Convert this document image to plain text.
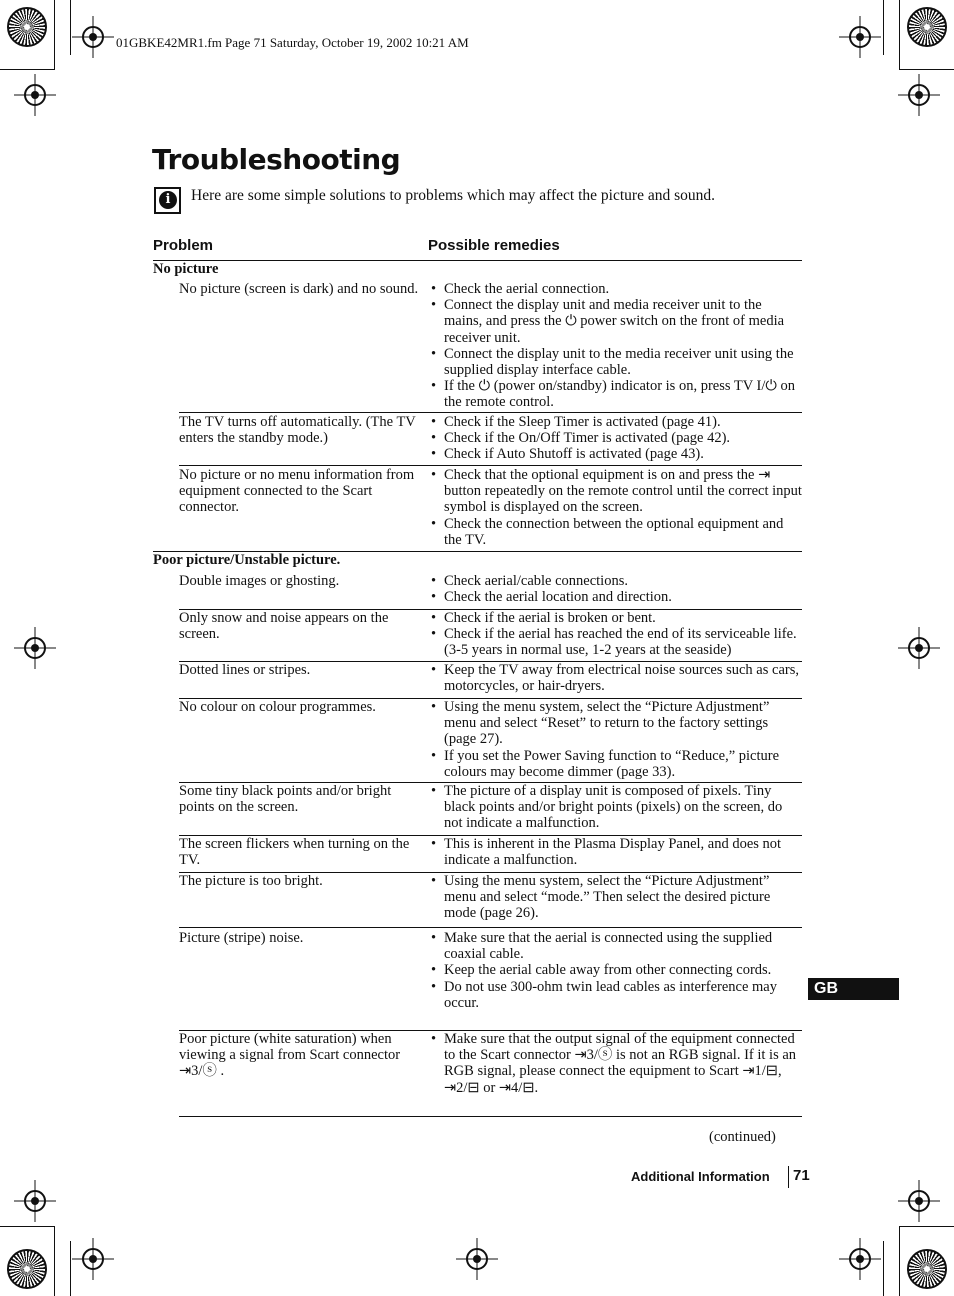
01GBKE42MR1.fm Page 71 Saturday, October 19, 2002 10:21 AM
Troubleshooting
i	Here are some simple solutions to problems which may affect the picture and sound.

Problem	Possible remedies
No picture
No picture (screen is dark) and no sound.	• Check the aerial connection.
• Connect the display unit and media receiver unit to the mains, and press the ⏻ power switch on the front of media receiver unit.
• Connect the display unit to the media receiver unit using the supplied display interface cable.
• If the ⏻ (power on/standby) indicator is on, press TV I/⏻ on the remote control.
The TV turns off automatically. (The TV enters the standby mode.)
• Check if the Sleep Timer is activated (page 41).
• Check if the On/Off Timer is activated (page 42).
• Check if Auto Shutoff is activated (page 43).
No picture or no menu information from equipment connected to the Scart connector.
• Check that the optional equipment is on and press the ⇥ button repeatedly on the remote control until the correct input symbol is displayed on the screen.
• Check the connection between the optional equipment and the TV.
Poor picture/Unstable picture.
Double images or ghosting.	• Check aerial/cable connections.
• Check the aerial location and direction.
Only snow and noise appears on the screen.
• Check if the aerial is broken or bent.
• Check if the aerial has reached the end of its serviceable life. (3-5 years in normal use, 1-2 years at the seaside)
Dotted lines or stripes.	• Keep the TV away from electrical noise sources such as cars, motorcycles, or hair-dryers.
No colour on colour programmes.	• Using the menu system, select the “Picture Adjustment” menu and select “Reset” to return to the factory settings (page 27).
• If you set the Power Saving function to “Reduce,” picture colours may become dimmer (page 33).
Some tiny black points and/or bright points on the screen.
• The picture of a display unit is composed of pixels. Tiny black points and/or bright points (pixels) on the screen, do not indicate a malfunction.
The screen flickers when turning on the TV.
• This is inherent in the Plasma Display Panel, and does not indicate a malfunction.
The picture is too bright.	• Using the menu system, select the “Picture Adjustment” menu and select “mode.” Then select the desired picture mode (page 26).
Picture (stripe) noise.	• Make sure that the aerial is connected using the supplied coaxial cable.
• Keep the aerial cable away from other connecting cords.
• Do not use 300-ohm twin lead cables as interference may occur.
Poor picture (white saturation) when viewing a signal from Scart connector ⇥3/ⓢ .
• Make sure that the output signal of the equipment connected to the Scart connector ⇥3/ⓢ is not an RGB signal. If it is an RGB signal, please connect the equipment to Scart ⇥1/⊟, ⇥2/⊟ or ⇥4/⊟.
GB
(continued)
Additional Information 71
